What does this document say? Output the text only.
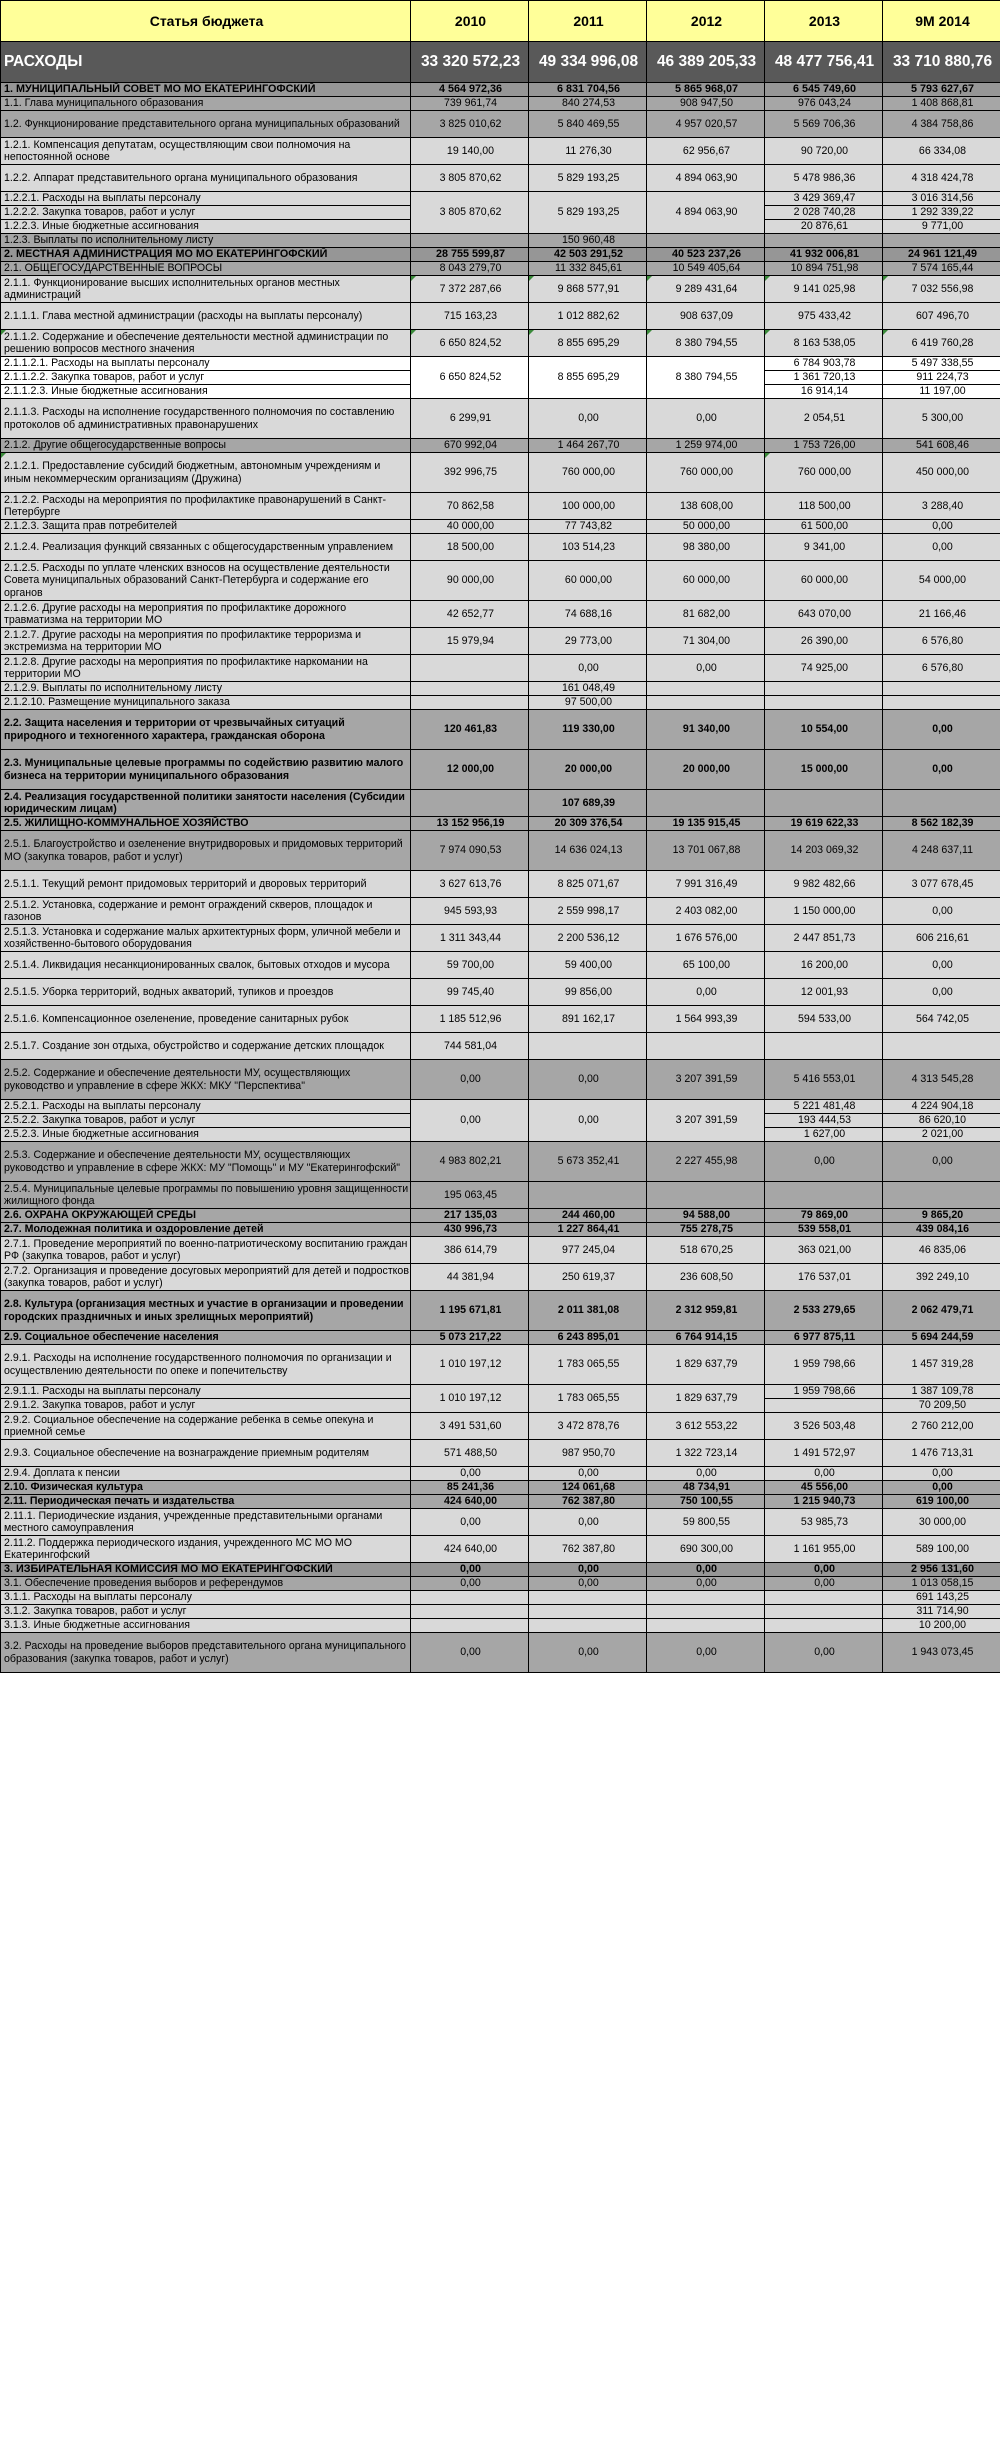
Статья бюджета	2010	2011	2012	2013	9М 2014
РАСХОДЫ	33 320 572,23	49 334 996,08	46 389 205,33	48 477 756,41	33 710 880,76
1. МУНИЦИПАЛЬНЫЙ СОВЕТ МО МО ЕКАТЕРИНГОФСКИЙ	4 564 972,36	6 831 704,56	5 865 968,07	6 545 749,60	5 793 627,67
1.1. Глава муниципального образования	739 961,74	840 274,53	908 947,50	976 043,24	1 408 868,81
1.2. Функционирование представительного органа муниципальных образований	3 825 010,62	5 840 469,55	4 957 020,57	5 569 706,36	4 384 758,86
1.2.1. Компенсация депутатам, осуществляющим свои полномочия на непостоянной основе	19 140,00	11 276,30	62 956,67	90 720,00	66 334,08
1.2.2. Аппарат представительного органа муниципального образования	3 805 870,62	5 829 193,25	4 894 063,90	5 478 986,36	4 318 424,78
1.2.2.1. Расходы на выплаты персоналу	3 805 870,62	5 829 193,25	4 894 063,90	3 429 369,47	3 016 314,56
1.2.2.2. Закупка товаров, работ и услуг				2 028 740,28	1 292 339,22
1.2.2.3. Иные бюджетные ассигнования				20 876,61	9 771,00
1.2.3. Выплаты по исполнительному листу		150 960,48			
2. МЕСТНАЯ АДМИНИСТРАЦИЯ МО МО ЕКАТЕРИНГОФСКИЙ	28 755 599,87	42 503 291,52	40 523 237,26	41 932 006,81	24 961 121,49
2.1. ОБЩЕГОСУДАРСТВЕННЫЕ ВОПРОСЫ	8 043 279,70	11 332 845,61	10 549 405,64	10 894 751,98	7 574 165,44
2.1.1. Функционирование высших исполнительных органов местных администраций	7 372 287,66	9 868 577,91	9 289 431,64	9 141 025,98	7 032 556,98
2.1.1.1. Глава местной администрации (расходы на выплаты персоналу)	715 163,23	1 012 882,62	908 637,09	975 433,42	607 496,70
2.1.1.2. Содержание и обеспечение деятельности местной администрации по решению вопросов местного значения	6 650 824,52	8 855 695,29	8 380 794,55	8 163 538,05	6 419 760,28
2.1.1.2.1. Расходы на выплаты персоналу	6 650 824,52	8 855 695,29	8 380 794,55	6 784 903,78	5 497 338,55
2.1.1.2.2. Закупка товаров, работ и услуг				1 361 720,13	911 224,73
2.1.1.2.3. Иные бюджетные ассигнования				16 914,14	11 197,00
2.1.1.3. Расходы на исполнение государственного полномочия по составлению протоколов об административных правонарушених	6 299,91	0,00	0,00	2 054,51	5 300,00
2.1.2. Другие общегосударственные вопросы	670 992,04	1 464 267,70	1 259 974,00	1 753 726,00	541 608,46
2.1.2.1. Предоставление субсидий бюджетным, автономным учреждениям и иным некоммерческим организациям (Дружина)	392 996,75	760 000,00	760 000,00	760 000,00	450 000,00
2.1.2.2. Расходы на мероприятия по профилактике правонарушений в Санкт-Петербурге	70 862,58	100 000,00	138 608,00	118 500,00	3 288,40
2.1.2.3. Защита прав потребителей	40 000,00	77 743,82	50 000,00	61 500,00	0,00
2.1.2.4. Реализация функций связанных с общегосударственным управлением	18 500,00	103 514,23	98 380,00	9 341,00	0,00
2.1.2.5. Расходы по уплате членских взносов на осуществление деятельности Совета муниципальных образований Санкт-Петербурга и содержание его органов	90 000,00	60 000,00	60 000,00	60 000,00	54 000,00
2.1.2.6. Другие расходы на мероприятия по профилактике дорожного травматизма на территории МО	42 652,77	74 688,16	81 682,00	643 070,00	21 166,46
2.1.2.7. Другие расходы на мероприятия по профилактике терроризма и экстремизма на территории МО	15 979,94	29 773,00	71 304,00	26 390,00	6 576,80
2.1.2.8. Другие расходы на мероприятия по профилактике наркомании на территории МО		0,00	0,00	74 925,00	6 576,80
2.1.2.9. Выплаты по исполнительному листу		161 048,49			
2.1.2.10. Размещение муниципального заказа		97 500,00			
2.2. Защита населения и территории от чрезвычайных ситуаций природного и техногенного характера, гражданская оборона	120 461,83	119 330,00	91 340,00	10 554,00	0,00
2.3. Муниципальные целевые программы по содействию развитию малого бизнеса на территории муниципального образования	12 000,00	20 000,00	20 000,00	15 000,00	0,00
2.4. Реализация государственной политики занятости населения (Субсидии юридическим лицам)		107 689,39			
2.5. ЖИЛИЩНО-КОММУНАЛЬНОЕ ХОЗЯЙСТВО	13 152 956,19	20 309 376,54	19 135 915,45	19 619 622,33	8 562 182,39
2.5.1. Благоустройство и озеленение внутридворовых и придомовых территорий МО (закупка товаров, работ и услуг)	7 974 090,53	14 636 024,13	13 701 067,88	14 203 069,32	4 248 637,11
2.5.1.1. Текущий ремонт придомовых территорий и дворовых территорий	3 627 613,76	8 825 071,67	7 991 316,49	9 982 482,66	3 077 678,45
2.5.1.2. Установка, содержание и ремонт ограждений скверов, площадок и газонов	945 593,93	2 559 998,17	2 403 082,00	1 150 000,00	0,00
2.5.1.3. Установка и содержание малых архитектурных форм, уличной мебели и хозяйственно-бытового оборудования	1 311 343,44	2 200 536,12	1 676 576,00	2 447 851,73	606 216,61
2.5.1.4. Ликвидация несанкционированных свалок, бытовых отходов и мусора	59 700,00	59 400,00	65 100,00	16 200,00	0,00
2.5.1.5. Уборка территорий, водных акваторий, тупиков и проездов	99 745,40	99 856,00	0,00	12 001,93	0,00
2.5.1.6. Компенсационное озеленение, проведение санитарных рубок	1 185 512,96	891 162,17	1 564 993,39	594 533,00	564 742,05
2.5.1.7. Создание зон отдыха, обустройство и содержание детских площадок	744 581,04				
2.5.2. Содержание и обеспечение деятельности МУ, осуществляющих руководство и управление в сфере ЖКХ: МКУ "Перспектива"	0,00	0,00	3 207 391,59	5 416 553,01	4 313 545,28
2.5.2.1. Расходы на выплаты персоналу	0,00	0,00	3 207 391,59	5 221 481,48	4 224 904,18
2.5.2.2. Закупка товаров, работ и услуг				193 444,53	86 620,10
2.5.2.3. Иные бюджетные ассигнования				1 627,00	2 021,00
2.5.3. Содержание и обеспечение деятельности МУ, осуществляющих руководство и управление в сфере ЖКХ: МУ "Помощь" и МУ "Екатерингофский"	4 983 802,21	5 673 352,41	2 227 455,98	0,00	0,00
2.5.4. Муниципальные целевые программы по повышению уровня защищенности жилищного фонда	195 063,45				
2.6. ОХРАНА ОКРУЖАЮЩЕЙ СРЕДЫ	217 135,03	244 460,00	94 588,00	79 869,00	9 865,20
2.7. Молодежная политика и оздоровление детей	430 996,73	1 227 864,41	755 278,75	539 558,01	439 084,16
2.7.1. Проведение мероприятий по военно-патриотическому воспитанию граждан РФ (закупка товаров, работ и услуг)	386 614,79	977 245,04	518 670,25	363 021,00	46 835,06
2.7.2. Организация и проведение досуговых мероприятий для детей и подростков (закупка товаров, работ и услуг)	44 381,94	250 619,37	236 608,50	176 537,01	392 249,10
2.8. Культура (организация местных и участие в организации и проведении городских праздничных и иных зрелищных мероприятий)	1 195 671,81	2 011 381,08	2 312 959,81	2 533 279,65	2 062 479,71
2.9. Социальное обеспечение населения	5 073 217,22	6 243 895,01	6 764 914,15	6 977 875,11	5 694 244,59
2.9.1. Расходы на исполнение государственного полномочия по организации и осуществлению деятельности по опеке и попечительству	1 010 197,12	1 783 065,55	1 829 637,79	1 959 798,66	1 457 319,28
2.9.1.1. Расходы на выплаты персоналу	1 010 197,12	1 783 065,55	1 829 637,79	1 959 798,66	1 387 109,78
2.9.1.2. Закупка товаров, работ и услуг					70 209,50
2.9.2. Социальное обеспечение на содержание ребенка в семье опекуна и приемной семье	3 491 531,60	3 472 878,76	3 612 553,22	3 526 503,48	2 760 212,00
2.9.3. Социальное обеспечение на вознаграждение приемным родителям	571 488,50	987 950,70	1 322 723,14	1 491 572,97	1 476 713,31
2.9.4. Доплата к пенсии	0,00	0,00	0,00	0,00	0,00
2.10. Физическая культура	85 241,36	124 061,68	48 734,91	45 556,00	0,00
2.11. Периодическая печать и издательства	424 640,00	762 387,80	750 100,55	1 215 940,73	619 100,00
2.11.1. Периодические издания, учрежденные представительными органами местного самоуправления	0,00	0,00	59 800,55	53 985,73	30 000,00
2.11.2. Поддержка периодического издания, учрежденного МС МО МО Екатерингофский	424 640,00	762 387,80	690 300,00	1 161 955,00	589 100,00
3. ИЗБИРАТЕЛЬНАЯ КОМИССИЯ МО МО ЕКАТЕРИНГОФСКИЙ	0,00	0,00	0,00	0,00	2 956 131,60
3.1. Обеспечение проведения выборов и референдумов	0,00	0,00	0,00	0,00	1 013 058,15
3.1.1. Расходы на выплаты персоналу					691 143,25
3.1.2. Закупка товаров, работ и услуг					311 714,90
3.1.3. Иные бюджетные ассигнования					10 200,00
3.2. Расходы на проведение выборов представительного органа муниципального образования (закупка товаров, работ и услуг)	0,00	0,00	0,00	0,00	1 943 073,45
